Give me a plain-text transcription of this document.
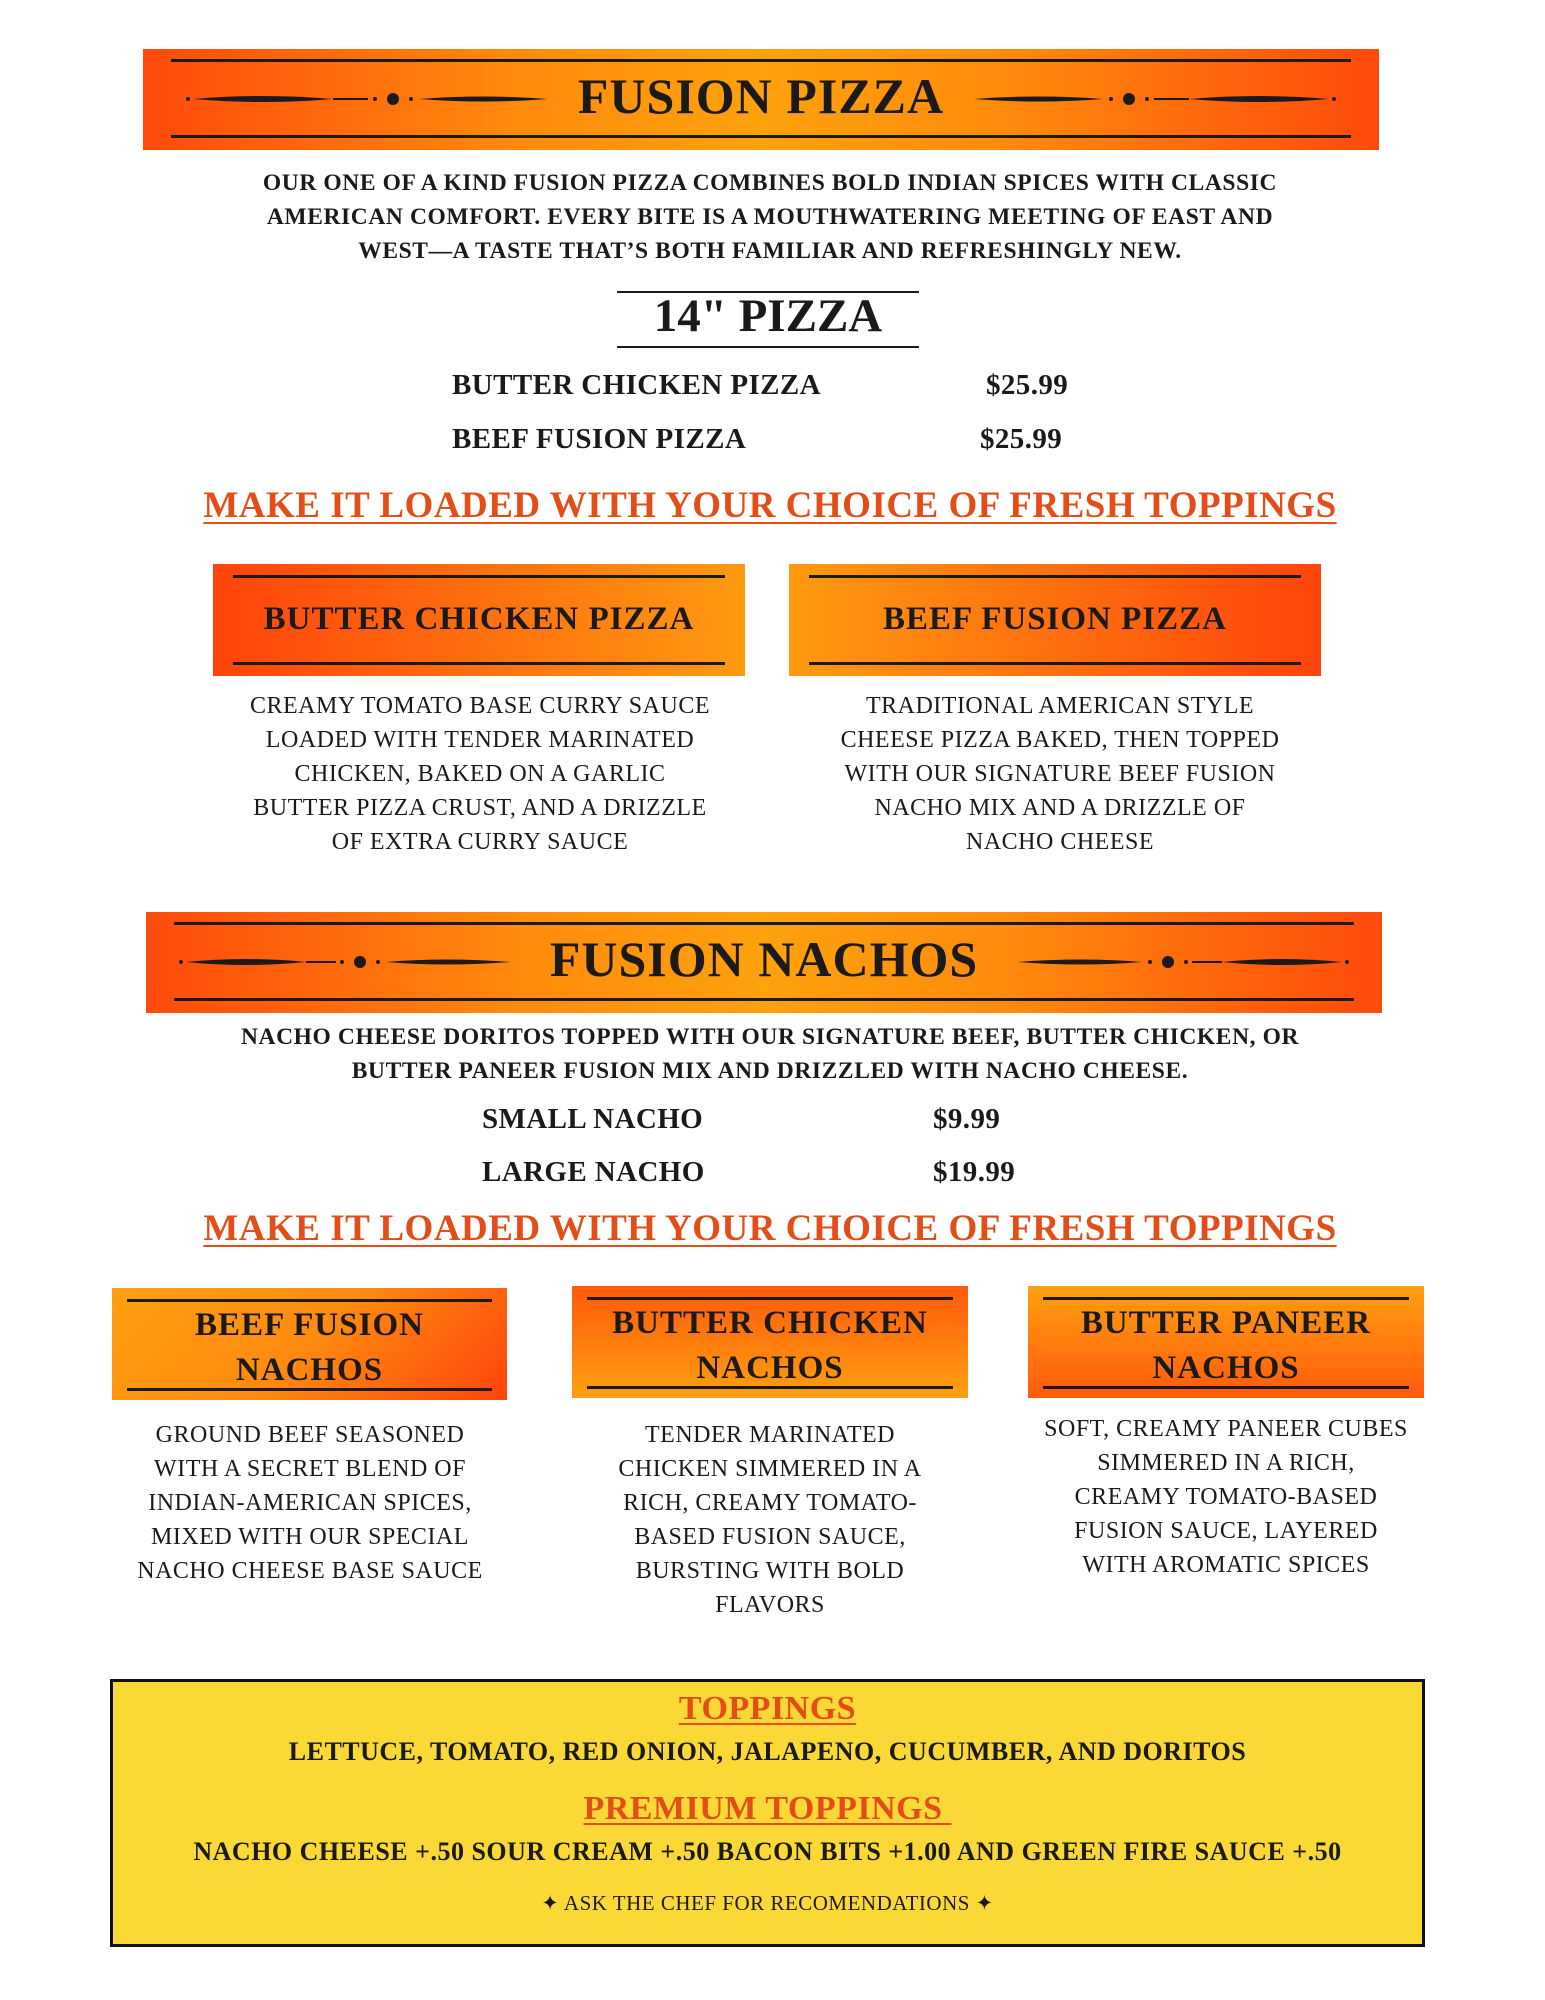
FUSION PIZZA
OUR ONE OF A KIND FUSION PIZZA COMBINES BOLD INDIAN SPICES WITH CLASSIC
AMERICAN COMFORT. EVERY BITE IS A MOUTHWATERING MEETING OF EAST AND
WEST—A TASTE THAT’S BOTH FAMILIAR AND REFRESHINGLY NEW.
14" PIZZA
BUTTER CHICKEN PIZZA	$25.99
BEEF FUSION PIZZA	$25.99
MAKE IT LOADED WITH YOUR CHOICE OF FRESH TOPPINGS
BUTTER CHICKEN PIZZA	BEEF FUSION PIZZA
CREAMY TOMATO BASE CURRY SAUCE
LOADED WITH TENDER MARINATED
CHICKEN, BAKED ON A GARLIC
BUTTER PIZZA CRUST, AND A DRIZZLE
OF EXTRA CURRY SAUCE
TRADITIONAL AMERICAN STYLE
CHEESE PIZZA BAKED, THEN TOPPED
WITH OUR SIGNATURE BEEF FUSION
NACHO MIX AND A DRIZZLE OF
NACHO CHEESE
FUSION NACHOS
NACHO CHEESE DORITOS TOPPED WITH OUR SIGNATURE BEEF, BUTTER CHICKEN, OR
BUTTER PANEER FUSION MIX AND DRIZZLED WITH NACHO CHEESE.
SMALL NACHO	$9.99
LARGE NACHO	$19.99
MAKE IT LOADED WITH YOUR CHOICE OF FRESH TOPPINGS
BEEF FUSION
NACHOS
BUTTER CHICKEN
NACHOS
BUTTER PANEER
NACHOS
GROUND BEEF SEASONED
WITH A SECRET BLEND OF
INDIAN-AMERICAN SPICES,
MIXED WITH OUR SPECIAL
NACHO CHEESE BASE SAUCE
TENDER MARINATED
CHICKEN SIMMERED IN A
RICH, CREAMY TOMATO-
BASED FUSION SAUCE,
BURSTING WITH BOLD
FLAVORS
SOFT, CREAMY PANEER CUBES
SIMMERED IN A RICH,
CREAMY TOMATO-BASED
FUSION SAUCE, LAYERED
WITH AROMATIC SPICES
TOPPINGS
LETTUCE, TOMATO, RED ONION, JALAPENO, CUCUMBER, AND DORITOS
PREMIUM TOPPINGS
NACHO CHEESE +.50 SOUR CREAM +.50 BACON BITS +1.00 AND GREEN FIRE SAUCE +.50
✦ ASK THE CHEF FOR RECOMENDATIONS ✦
